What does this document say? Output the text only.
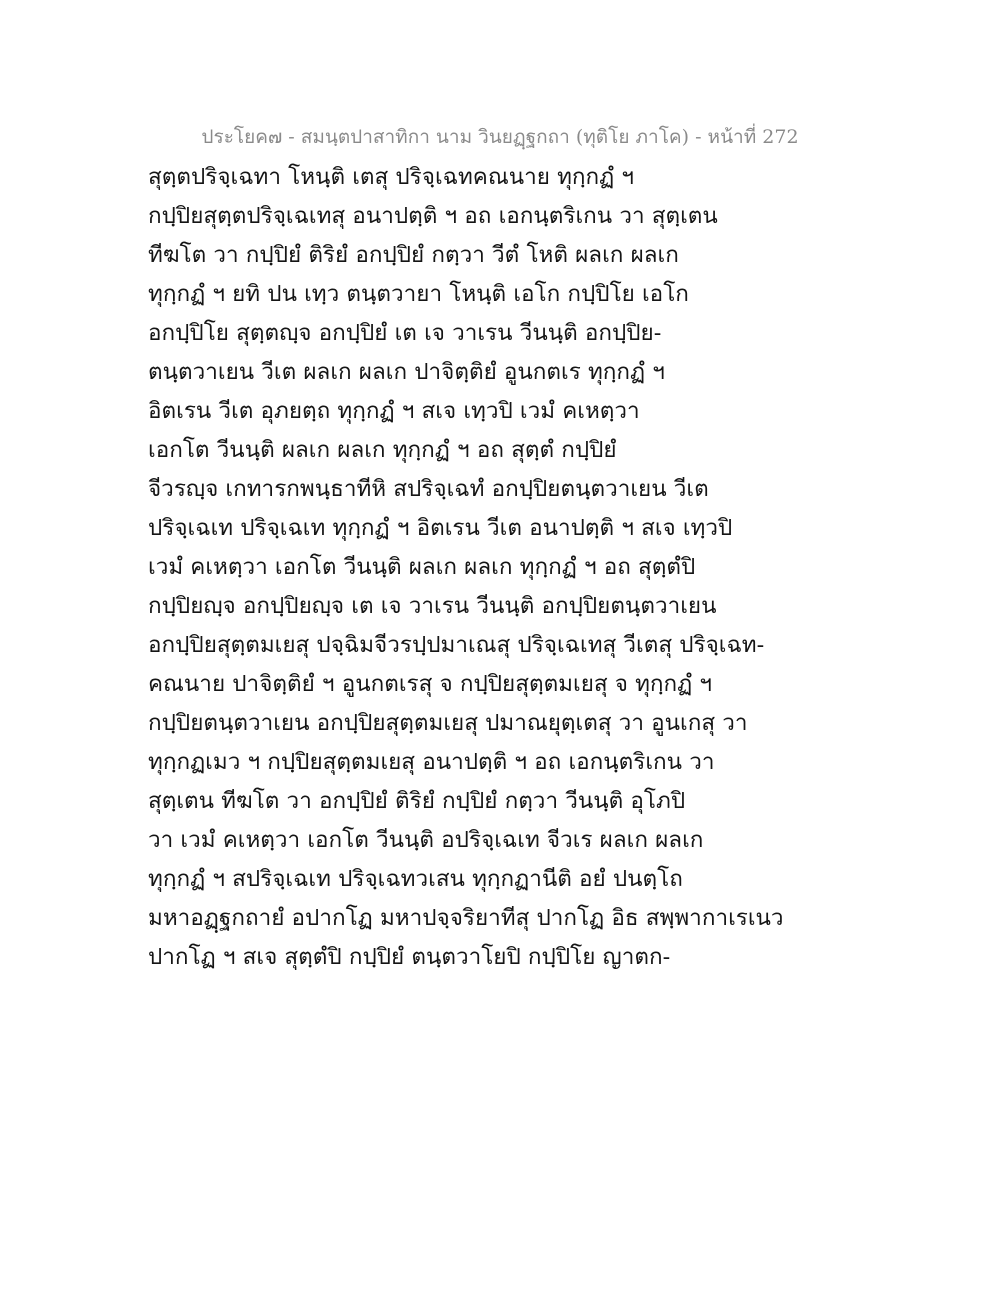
ประโยค๗ - สมนฺตปาสาทิกา นาม วินยฏฺฐกถา (ทุติโย ภาโค) - หน้าที่ 272
สุตฺตปริจฺเฉทา โหนฺติ เตสุ ปริจฺเฉทคณนาย ทุกฺกฏํ ฯ
กปฺปิยสุตฺตปริจฺเฉเทสุ อนาปตฺติ ฯ อถ เอกนฺตริเกน วา สุตฺเตน
ทีฆโต วา กปฺปิยํ ติริยํ อกปฺปิยํ กตฺวา วีตํ โหติ ผลเก ผลเก
ทุกฺกฏํ ฯ ยทิ ปน เทฺว ตนฺตวายา โหนฺติ เอโก กปฺปิโย เอโก
อกปฺปิโย สุตฺตญฺจ อกปฺปิยํ เต เจ วาเรน วีนนฺติ อกปฺปิย-
ตนฺตวาเยน วีเต ผลเก ผลเก ปาจิตฺติยํ อูนกตเร ทุกฺกฏํ ฯ
อิตเรน วีเต อุภยตฺถ ทุกฺกฏํ ฯ สเจ เทฺวปิ เวมํ คเหตฺวา
เอกโต วีนนฺติ ผลเก ผลเก ทุกฺกฏํ ฯ อถ สุตฺตํ กปฺปิยํ
จีวรญฺจ เกทารกพนฺธาทีหิ สปริจฺเฉทํ อกปฺปิยตนฺตวาเยน วีเต
ปริจฺเฉเท ปริจฺเฉเท ทุกฺกฏํ ฯ อิตเรน วีเต อนาปตฺติ ฯ สเจ เทฺวปิ
เวมํ คเหตฺวา เอกโต วีนนฺติ ผลเก ผลเก ทุกฺกฏํ ฯ อถ สุตฺตํปิ
กปฺปิยญฺจ อกปฺปิยญฺจ เต เจ วาเรน วีนนฺติ อกปฺปิยตนฺตวาเยน
อกปฺปิยสุตฺตมเยสุ ปจฺฉิมจีวรปฺปมาเณสุ ปริจฺเฉเทสุ วีเตสุ ปริจฺเฉท-
คณนาย ปาจิตฺติยํ ฯ อูนกตเรสุ จ กปฺปิยสุตฺตมเยสุ จ ทุกฺกฏํ ฯ
กปฺปิยตนฺตวาเยน อกปฺปิยสุตฺตมเยสุ ปมาณยุตฺเตสุ วา อูนเกสุ วา
ทุกฺกฏเมว ฯ กปฺปิยสุตฺตมเยสุ อนาปตฺติ ฯ อถ เอกนฺตริเกน วา
สุตฺเตน ทีฆโต วา อกปฺปิยํ ติริยํ กปฺปิยํ กตฺวา วีนนฺติ อุโภปิ
วา เวมํ คเหตฺวา เอกโต วีนนฺติ อปริจฺเฉเท จีวเร ผลเก ผลเก
ทุกฺกฏํ ฯ สปริจฺเฉเท ปริจฺเฉทวเสน ทุกฺกฏานีติ อยํ ปนตฺโถ
มหาอฏฺฐกถายํ อปากโฏ มหาปจฺจริยาทีสุ ปากโฏ อิธ สพฺพากาเรเนว
ปากโฏ ฯ สเจ สุตฺตํปิ กปฺปิยํ ตนฺตวาโยปิ กปฺปิโย ญาตก-
